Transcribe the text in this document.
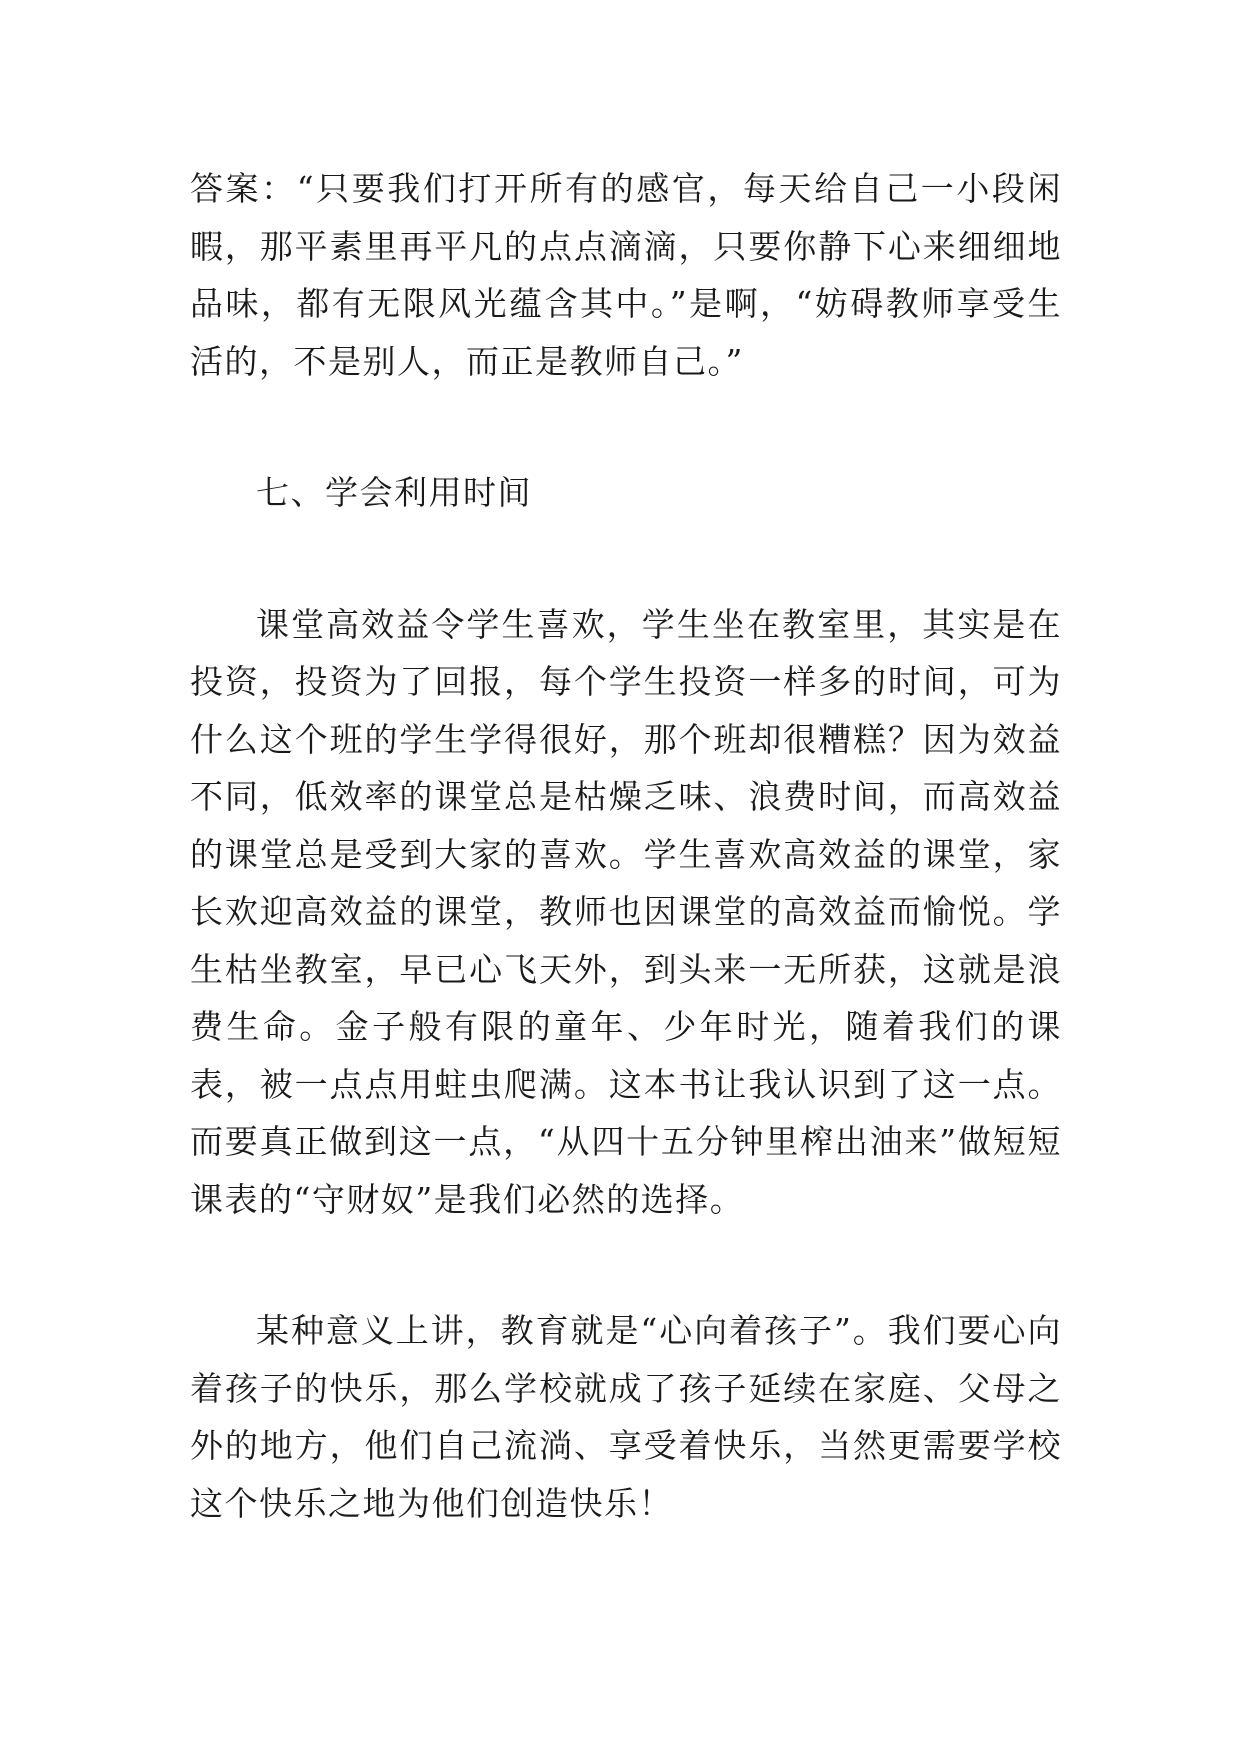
答案：“只要我们打开所有的感官，每天给自己一小段闲暇，那平素里再平凡的点点滴滴，只要你静下心来细细地品味，都有无限风光蕴含其中。”是啊，“妨碍教师享受生活的，不是别人，而正是教师自己。”

七、学会利用时间

课堂高效益令学生喜欢，学生坐在教室里，其实是在投资，投资为了回报，每个学生投资一样多的时间，可为什么这个班的学生学得很好，那个班却很糟糕？因为效益不同，低效率的课堂总是枯燥乏味、浪费时间，而高效益的课堂总是受到大家的喜欢。学生喜欢高效益的课堂，家长欢迎高效益的课堂，教师也因课堂的高效益而愉悦。学生枯坐教室，早已心飞天外，到头来一无所获，这就是浪费生命。金子般有限的童年、少年时光，随着我们的课表，被一点点用蛀虫爬满。这本书让我认识到了这一点。而要真正做到这一点，“从四十五分钟里榨出油来”做短短课表的“守财奴”是我们必然的选择。

某种意义上讲，教育就是“心向着孩子”。我们要心向着孩子的快乐，那么学校就成了孩子延续在家庭、父母之外的地方，他们自己流淌、享受着快乐，当然更需要学校这个快乐之地为他们创造快乐！
